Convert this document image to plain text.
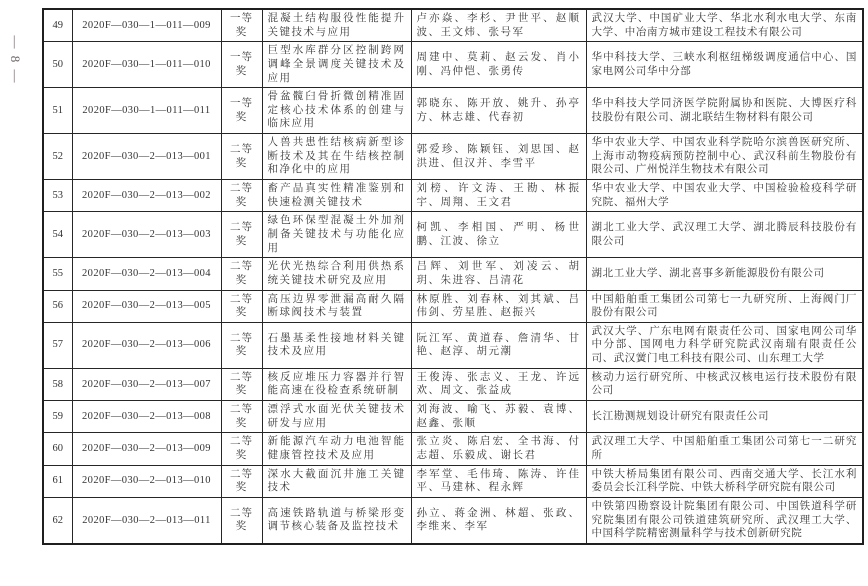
— 8 —
49	2020F—030—1—011—009	一等奖	混凝土结构服役性能提升关键技术与应用	卢亦焱、李杉、尹世平、赵顺波、王文炜、张号军	武汉大学、中国矿业大学、华北水利水电大学、东南大学、中冶南方城市建设工程技术有限公司
50	2020F—030—1—011—010	一等奖	巨型水库群分区控制跨网调峰全景调度关键技术及应用	周建中、莫莉、赵云发、肖小刚、冯仲恺、张勇传	华中科技大学、三峡水利枢纽梯级调度通信中心、国家电网公司华中分部
51	2020F—030—1—011—011	一等奖	骨盆髋臼骨折微创精准固定核心技术体系的创建与临床应用	郭晓东、陈开放、姚升、孙亭方、林志雄、代春初	华中科技大学同济医学院附属协和医院、大博医疗科技股份有限公司、湖北联结生物材料有限公司
52	2020F—030—2—013—001	二等奖	人兽共患性结核病新型诊断技术及其在牛结核控制和净化中的应用	郭爱珍、陈颖钰、刘思国、赵洪进、但汉并、李雪平	华中农业大学、中国农业科学院哈尔滨兽医研究所、上海市动物疫病预防控制中心、武汉科前生物股份有限公司、广州悦洋生物技术有限公司
53	2020F—030—2—013—002	二等奖	畜产品真实性精准鉴别和快速检测关键技术	刘榜、许文涛、王勘、林振宇、周翔、王文君	华中农业大学、中国农业大学、中国检验检疫科学研究院、福州大学
54	2020F—030—2—013—003	二等奖	绿色环保型混凝土外加剂制备关键技术与功能化应用	柯凯、李相国、严明、杨世鹏、江波、徐立	湖北工业大学、武汉理工大学、湖北腾辰科技股份有限公司
55	2020F—030—2—013—004	二等奖	光伏光热综合利用供热系统关键技术研究及应用	吕辉、刘世军、刘凌云、胡玥、朱进容、吕清花	湖北工业大学、湖北喜事多新能源股份有限公司
56	2020F—030—2—013—005	二等奖	高压边界零泄漏高耐久隔断球阀技术与装置	林原胜、刘春林、刘其斌、吕伟剑、劳星胜、赵振兴	中国船舶重工集团公司第七一九研究所、上海阀门厂股份有限公司
57	2020F—030—2—013—006	二等奖	石墨基柔性接地材料关键技术及应用	阮江军、黄道春、詹清华、甘艳、赵淳、胡元潮	武汉大学、广东电网有限责任公司、国家电网公司华中分部、国网电力科学研究院武汉南瑞有限责任公司、武汉黉门电工科技有限公司、山东理工大学
58	2020F—030—2—013—007	二等奖	核反应堆压力容器并行智能高速在役检查系统研制	王俊涛、张志义、王龙、许远欢、周文、张益成	核动力运行研究所、中核武汉核电运行技术股份有限公司
59	2020F—030—2—013—008	二等奖	漂浮式水面光伏关键技术研发与应用	刘海波、喻飞、苏毅、袁博、赵鑫、张顺	长江勘测规划设计研究有限责任公司
60	2020F—030—2—013—009	二等奖	新能源汽车动力电池智能健康管控技术及应用	张立炎、陈启宏、全书海、付志超、乐毅成、谢长君	武汉理工大学、中国船舶重工集团公司第七一二研究所
61	2020F—030—2—013—010	二等奖	深水大截面沉井施工关键技术	李军堂、毛伟琦、陈涛、许佳平、马建林、程永辉	中铁大桥局集团有限公司、西南交通大学、长江水利委员会长江科学院、中铁大桥科学研究院有限公司
62	2020F—030—2—013—011	二等奖	高速铁路轨道与桥梁形变调节核心装备及监控技术	孙立、蒋金洲、林超、张政、李维来、李军	中铁第四勘察设计院集团有限公司、中国铁道科学研究院集团有限公司铁道建筑研究所、武汉理工大学、中国科学院精密测量科学与技术创新研究院
